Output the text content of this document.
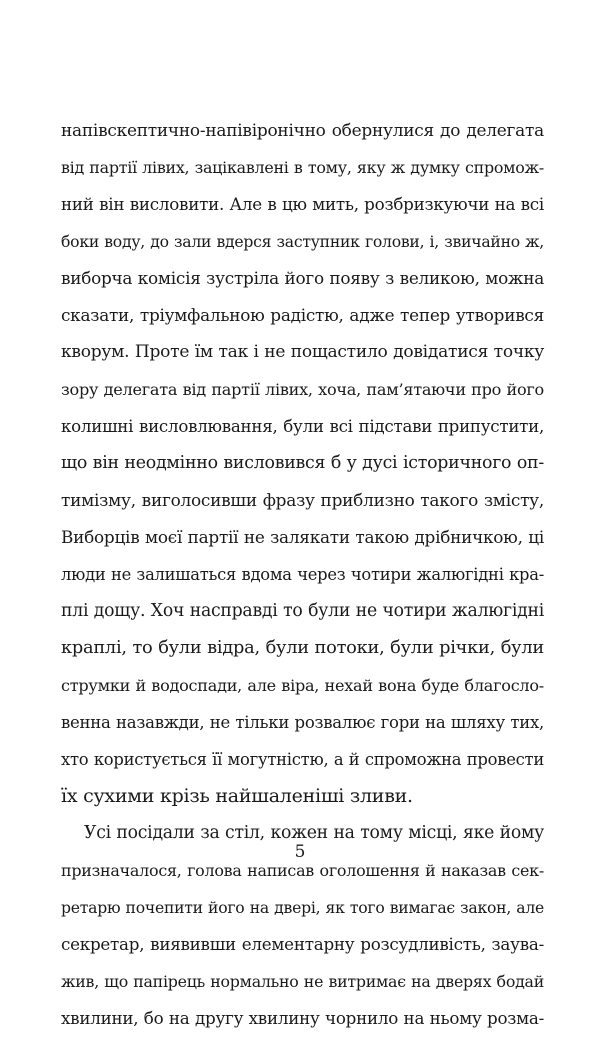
напівскептично-напівіронічно обернулися до делегата
від партії лівих, зацікавлені в тому, яку ж думку спромож-
ний він висловити. Але в цю мить, розбризкуючи на всі
боки воду, до зали вдерся заступник голови, і, звичайно ж,
виборча комісія зустріла його появу з великою, можна
сказати, тріумфальною радістю, адже тепер утворився
кворум. Проте їм так і не пощастило довідатися точку
зору делегата від партії лівих, хоча, пам’ятаючи про його
колишні висловлювання, були всі підстави припустити,
що він неодмінно висловився б у дусі історичного оп-
тимізму, виголосивши фразу приблизно такого змісту,
Виборців моєї партії не залякати такою дрібничкою, ці
люди не залишаться вдома через чотири жалюгідні кра-
плі дощу. Хоч насправді то були не чотири жалюгідні
краплі, то були відра, були потоки, були річки, були
струмки й водоспади, але віра, нехай вона буде благосло-
венна назавжди, не тільки розвалює гори на шляху тих,
хто користується її могутністю, а й спроможна провести
їх сухими крізь найшаленіші зливи.
Усі посідали за стіл, кожен на тому місці, яке йому
призначалося, голова написав оголошення й наказав сек-
ретарю почепити його на двері, як того вимагає закон, але
секретар, виявивши елементарну розсудливість, заува-
жив, що папірець нормально не витримає на дверях бодай
хвилини, бо на другу хвилину чорнило на ньому розма-
5
